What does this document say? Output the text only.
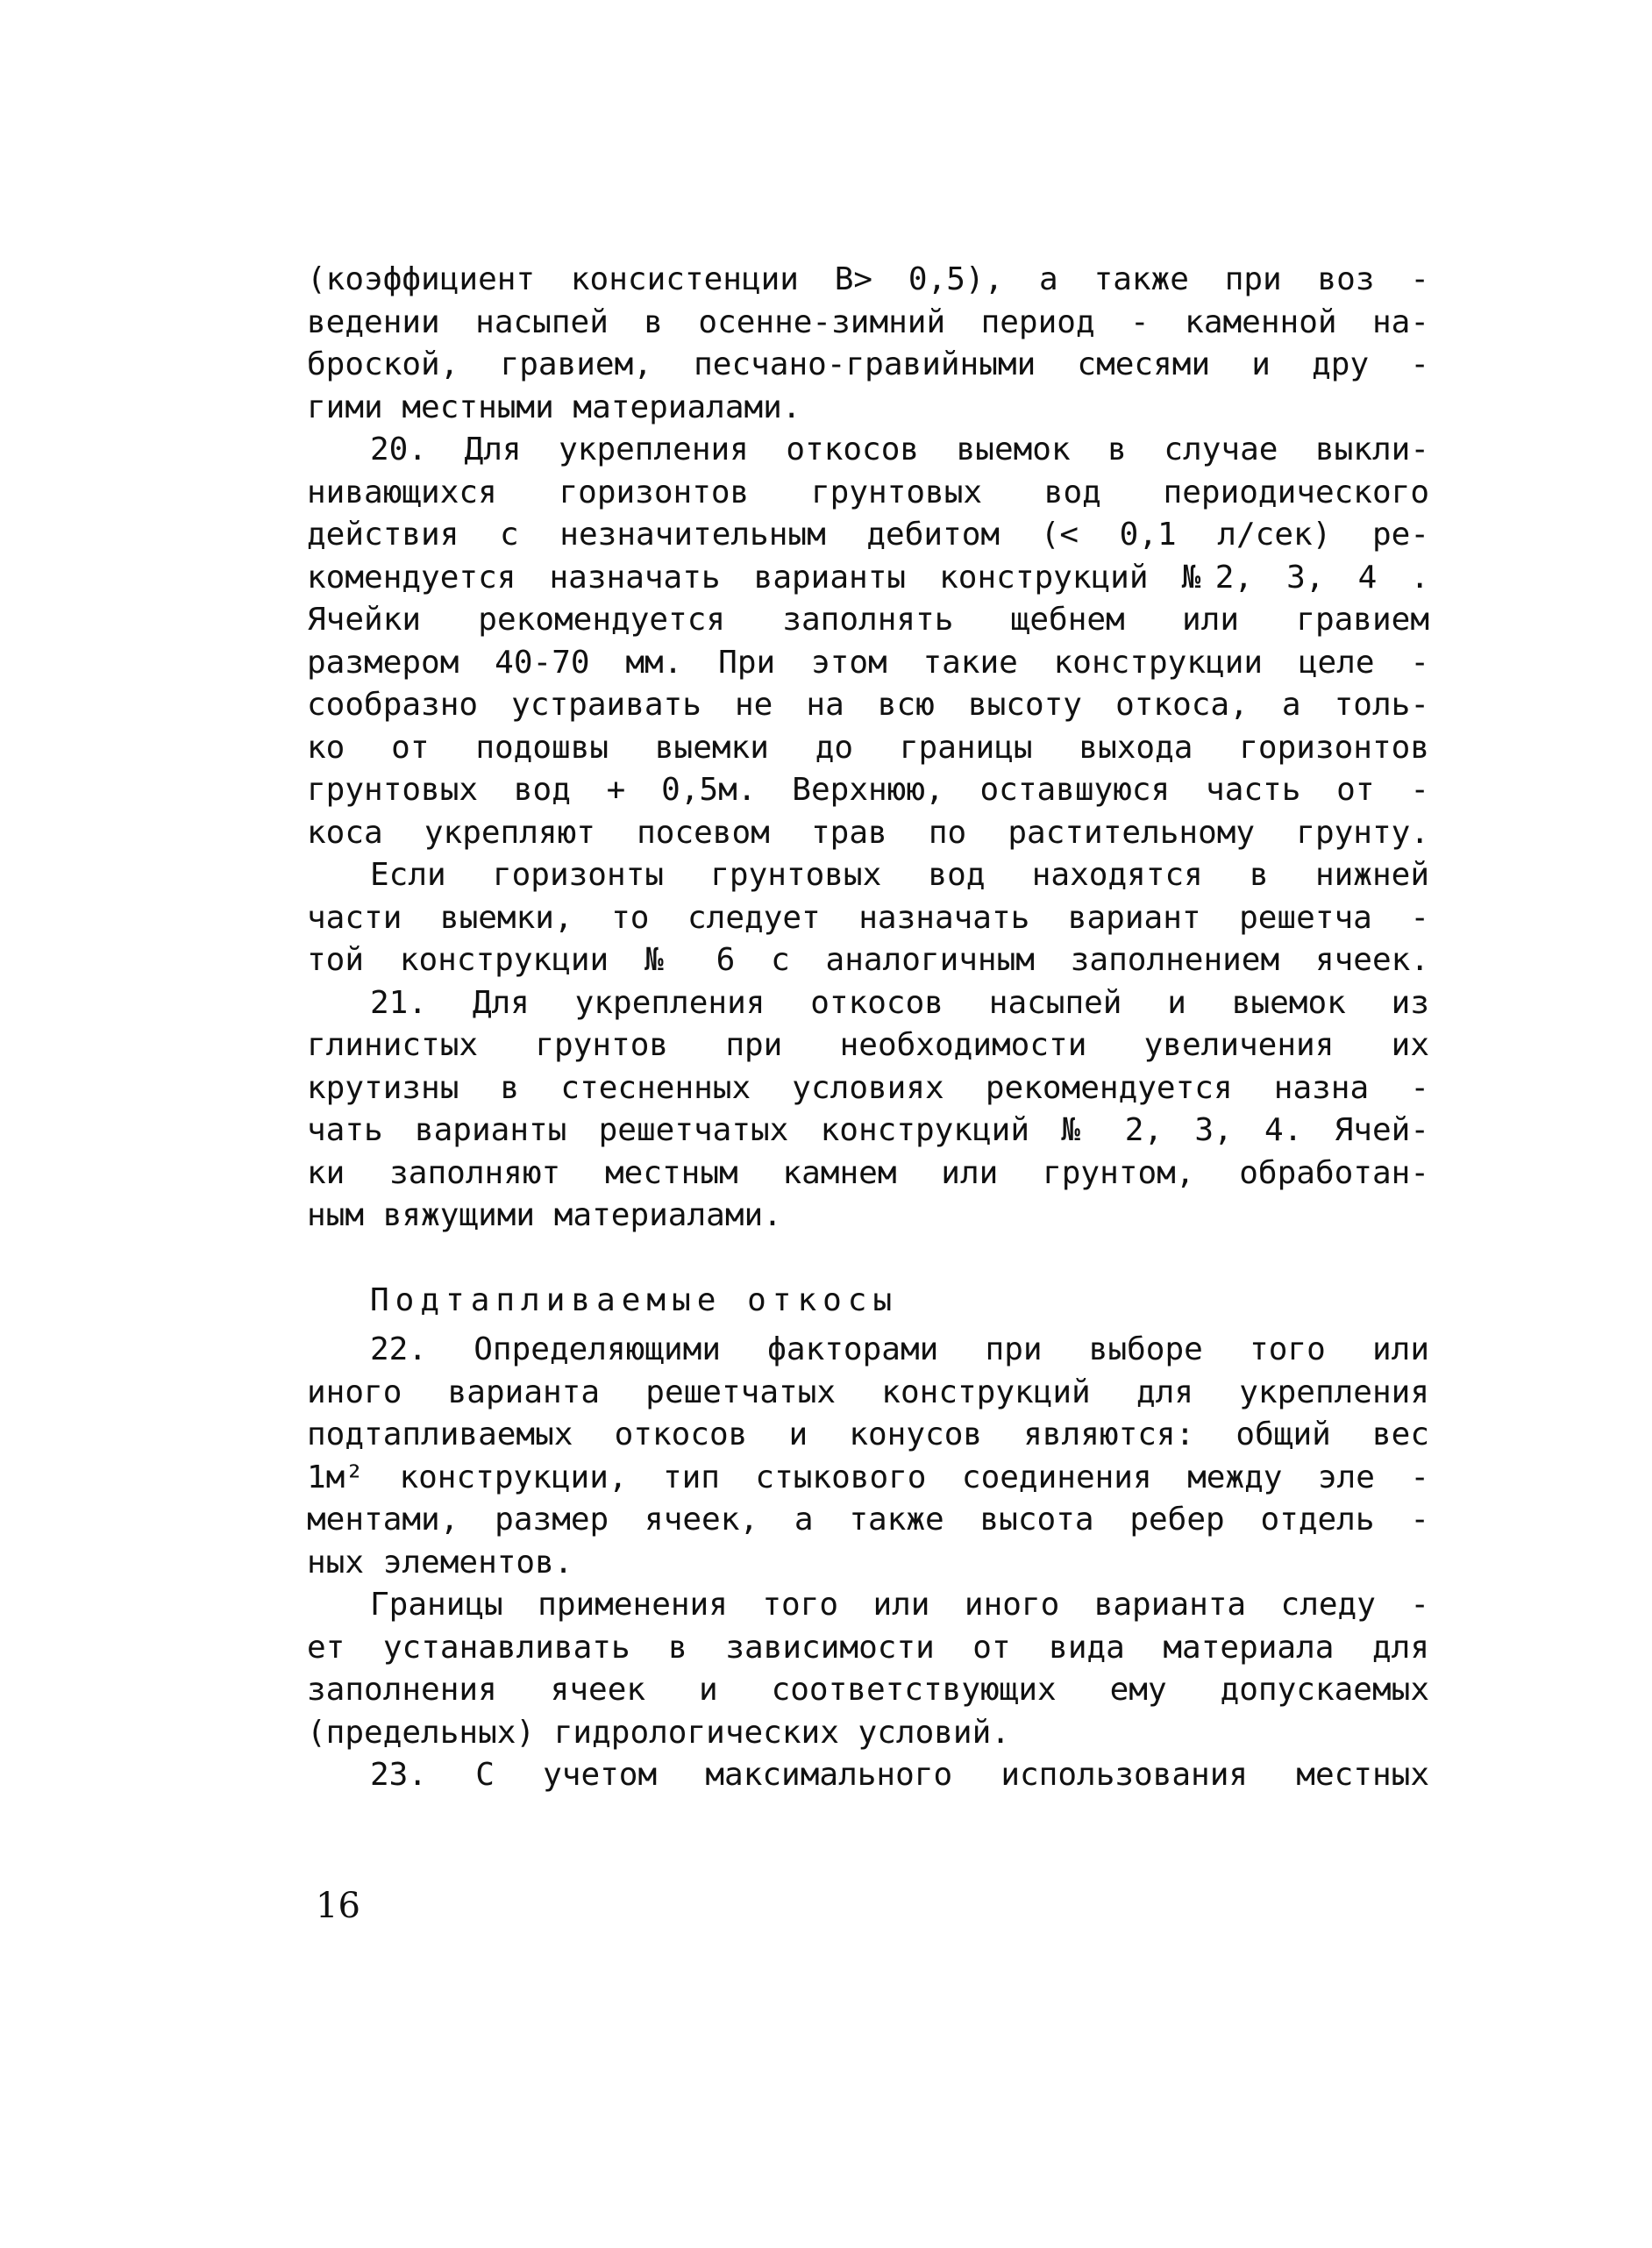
(коэффициент консистенции В> 0,5), а также при воз -
ведении насыпей в осенне-зимний период - каменной на-
броской, гравием, песчано-гравийными смесями и дру -
гими местными материалами.
20. Для укрепления откосов выемок в случае выкли-
нивающихся горизонтов грунтовых вод периодического
действия с незначительным дебитом (< 0,1 л/сек) ре-
комендуется назначать варианты конструкций №2, 3, 4 .
Ячейки рекомендуется заполнять щебнем или гравием
размером 40-70 мм. При этом такие конструкции целе -
сообразно устраивать не на всю высоту откоса, а толь-
ко от подошвы выемки до границы выхода горизонтов
грунтовых вод + 0,5м. Верхнюю, оставшуюся часть от -
коса укрепляют посевом трав по растительному грунту.
Если горизонты грунтовых вод находятся в нижней
части выемки, то следует назначать вариант решетча -
той конструкции № 6 с аналогичным заполнением ячеек.
21. Для укрепления откосов насыпей и выемок из
глинистых грунтов при необходимости увеличения их
крутизны в стесненных условиях рекомендуется назна -
чать варианты решетчатых конструкций № 2, 3, 4. Ячей-
ки заполняют местным камнем или грунтом, обработан-
ным вяжущими материалами.
Подтапливаемые откосы
22. Определяющими факторами при выборе того или
иного варианта решетчатых конструкций для укрепления
подтапливаемых откосов и конусов являются: общий вес
1м² конструкции, тип стыкового соединения между эле -
ментами, размер ячеек, а также высота ребер отдель -
ных элементов.
Границы применения того или иного варианта следу -
ет устанавливать в зависимости от вида материала для
заполнения ячеек и соответствующих ему допускаемых
(предельных) гидрологических условий.
23. С учетом максимального использования местных
16
